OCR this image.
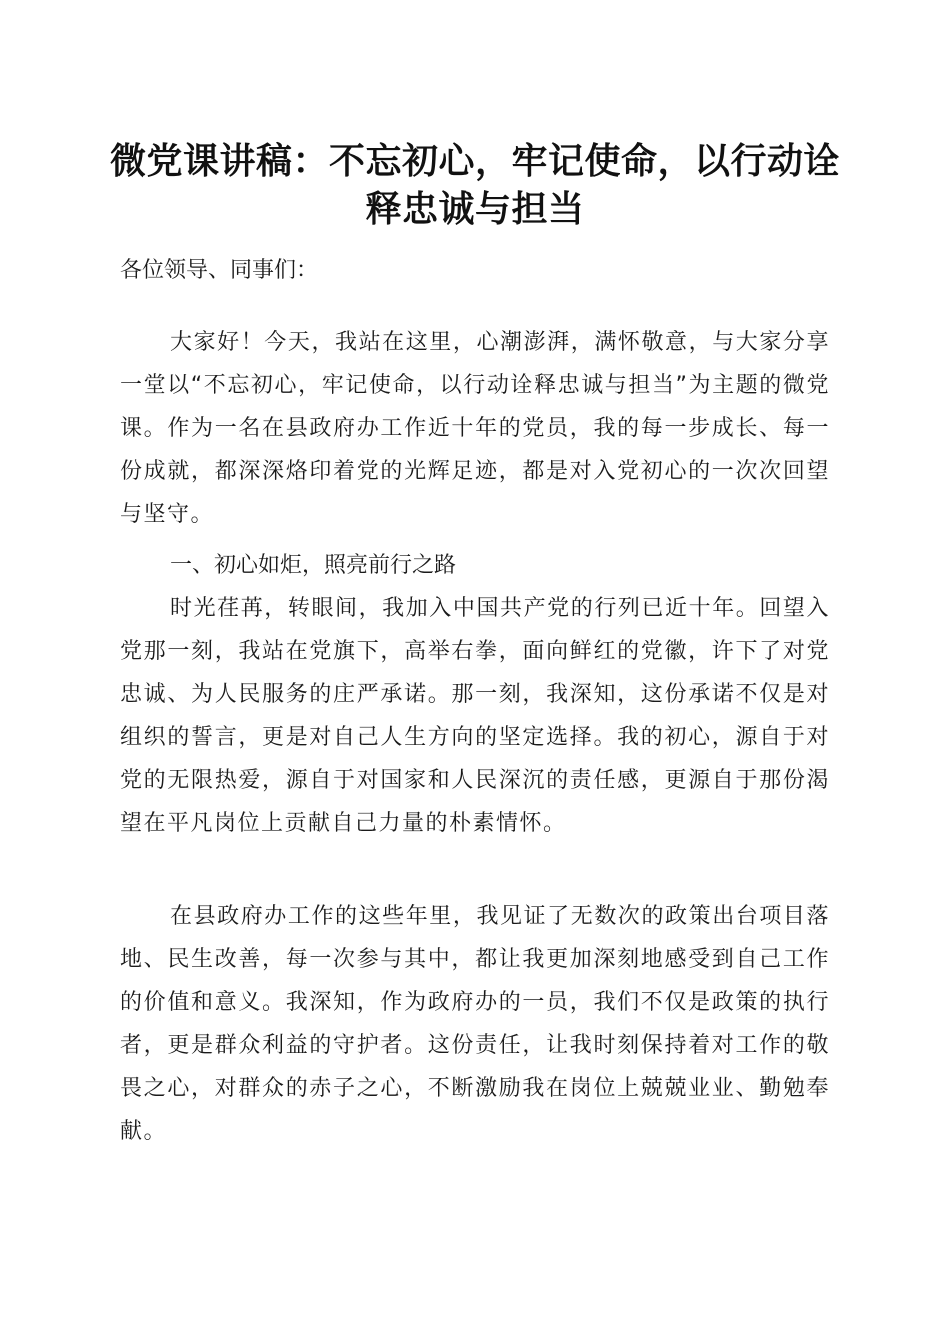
微党课讲稿：不忘初心，牢记使命，以行动诠
释忠诚与担当

各位领导、同事们：

大家好！今天，我站在这里，心潮澎湃，满怀敬意，与大家分享一堂以“不忘初心，牢记使命，以行动诠释忠诚与担当”为主题的微党课。作为一名在县政府办工作近十年的党员，我的每一步成长、每一份成就，都深深烙印着党的光辉足迹，都是对入党初心的一次次回望与坚守。

一、初心如炬，照亮前行之路

时光荏苒，转眼间，我加入中国共产党的行列已近十年。回望入党那一刻，我站在党旗下，高举右拳，面向鲜红的党徽，许下了对党忠诚、为人民服务的庄严承诺。那一刻，我深知，这份承诺不仅是对组织的誓言，更是对自己人生方向的坚定选择。我的初心，源自于对党的无限热爱，源自于对国家和人民深沉的责任感，更源自于那份渴望在平凡岗位上贡献自己力量的朴素情怀。

在县政府办工作的这些年里，我见证了无数次的政策出台项目落地、民生改善，每一次参与其中，都让我更加深刻地感受到自己工作的价值和意义。我深知，作为政府办的一员，我们不仅是政策的执行者，更是群众利益的守护者。这份责任，让我时刻保持着对工作的敬畏之心，对群众的赤子之心，不断激励我在岗位上兢兢业业、勤勉奉献。
